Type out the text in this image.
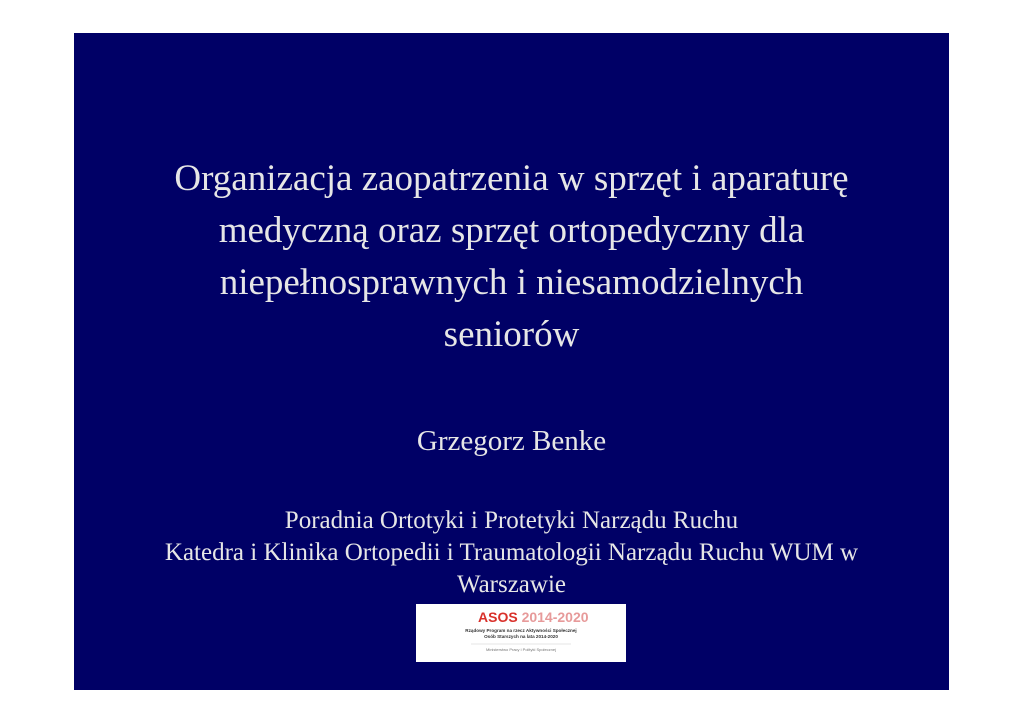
Organizacja zaopatrzenia w sprzęt i aparaturę
medyczną oraz sprzęt ortopedyczny dla
niepełnosprawnych i niesamodzielnych
seniorów
Grzegorz Benke
Poradnia Ortotyki i Protetyki Narządu Ruchu
Katedra i Klinika Ortopedii i Traumatologii Narządu Ruchu WUM w
Warszawie
ASOS 2014-2020
Rządowy Program na rzecz Aktywności Społecznej
Osób Starszych na lata 2014-2020
Ministerstwo Pracy i Polityki Społecznej
